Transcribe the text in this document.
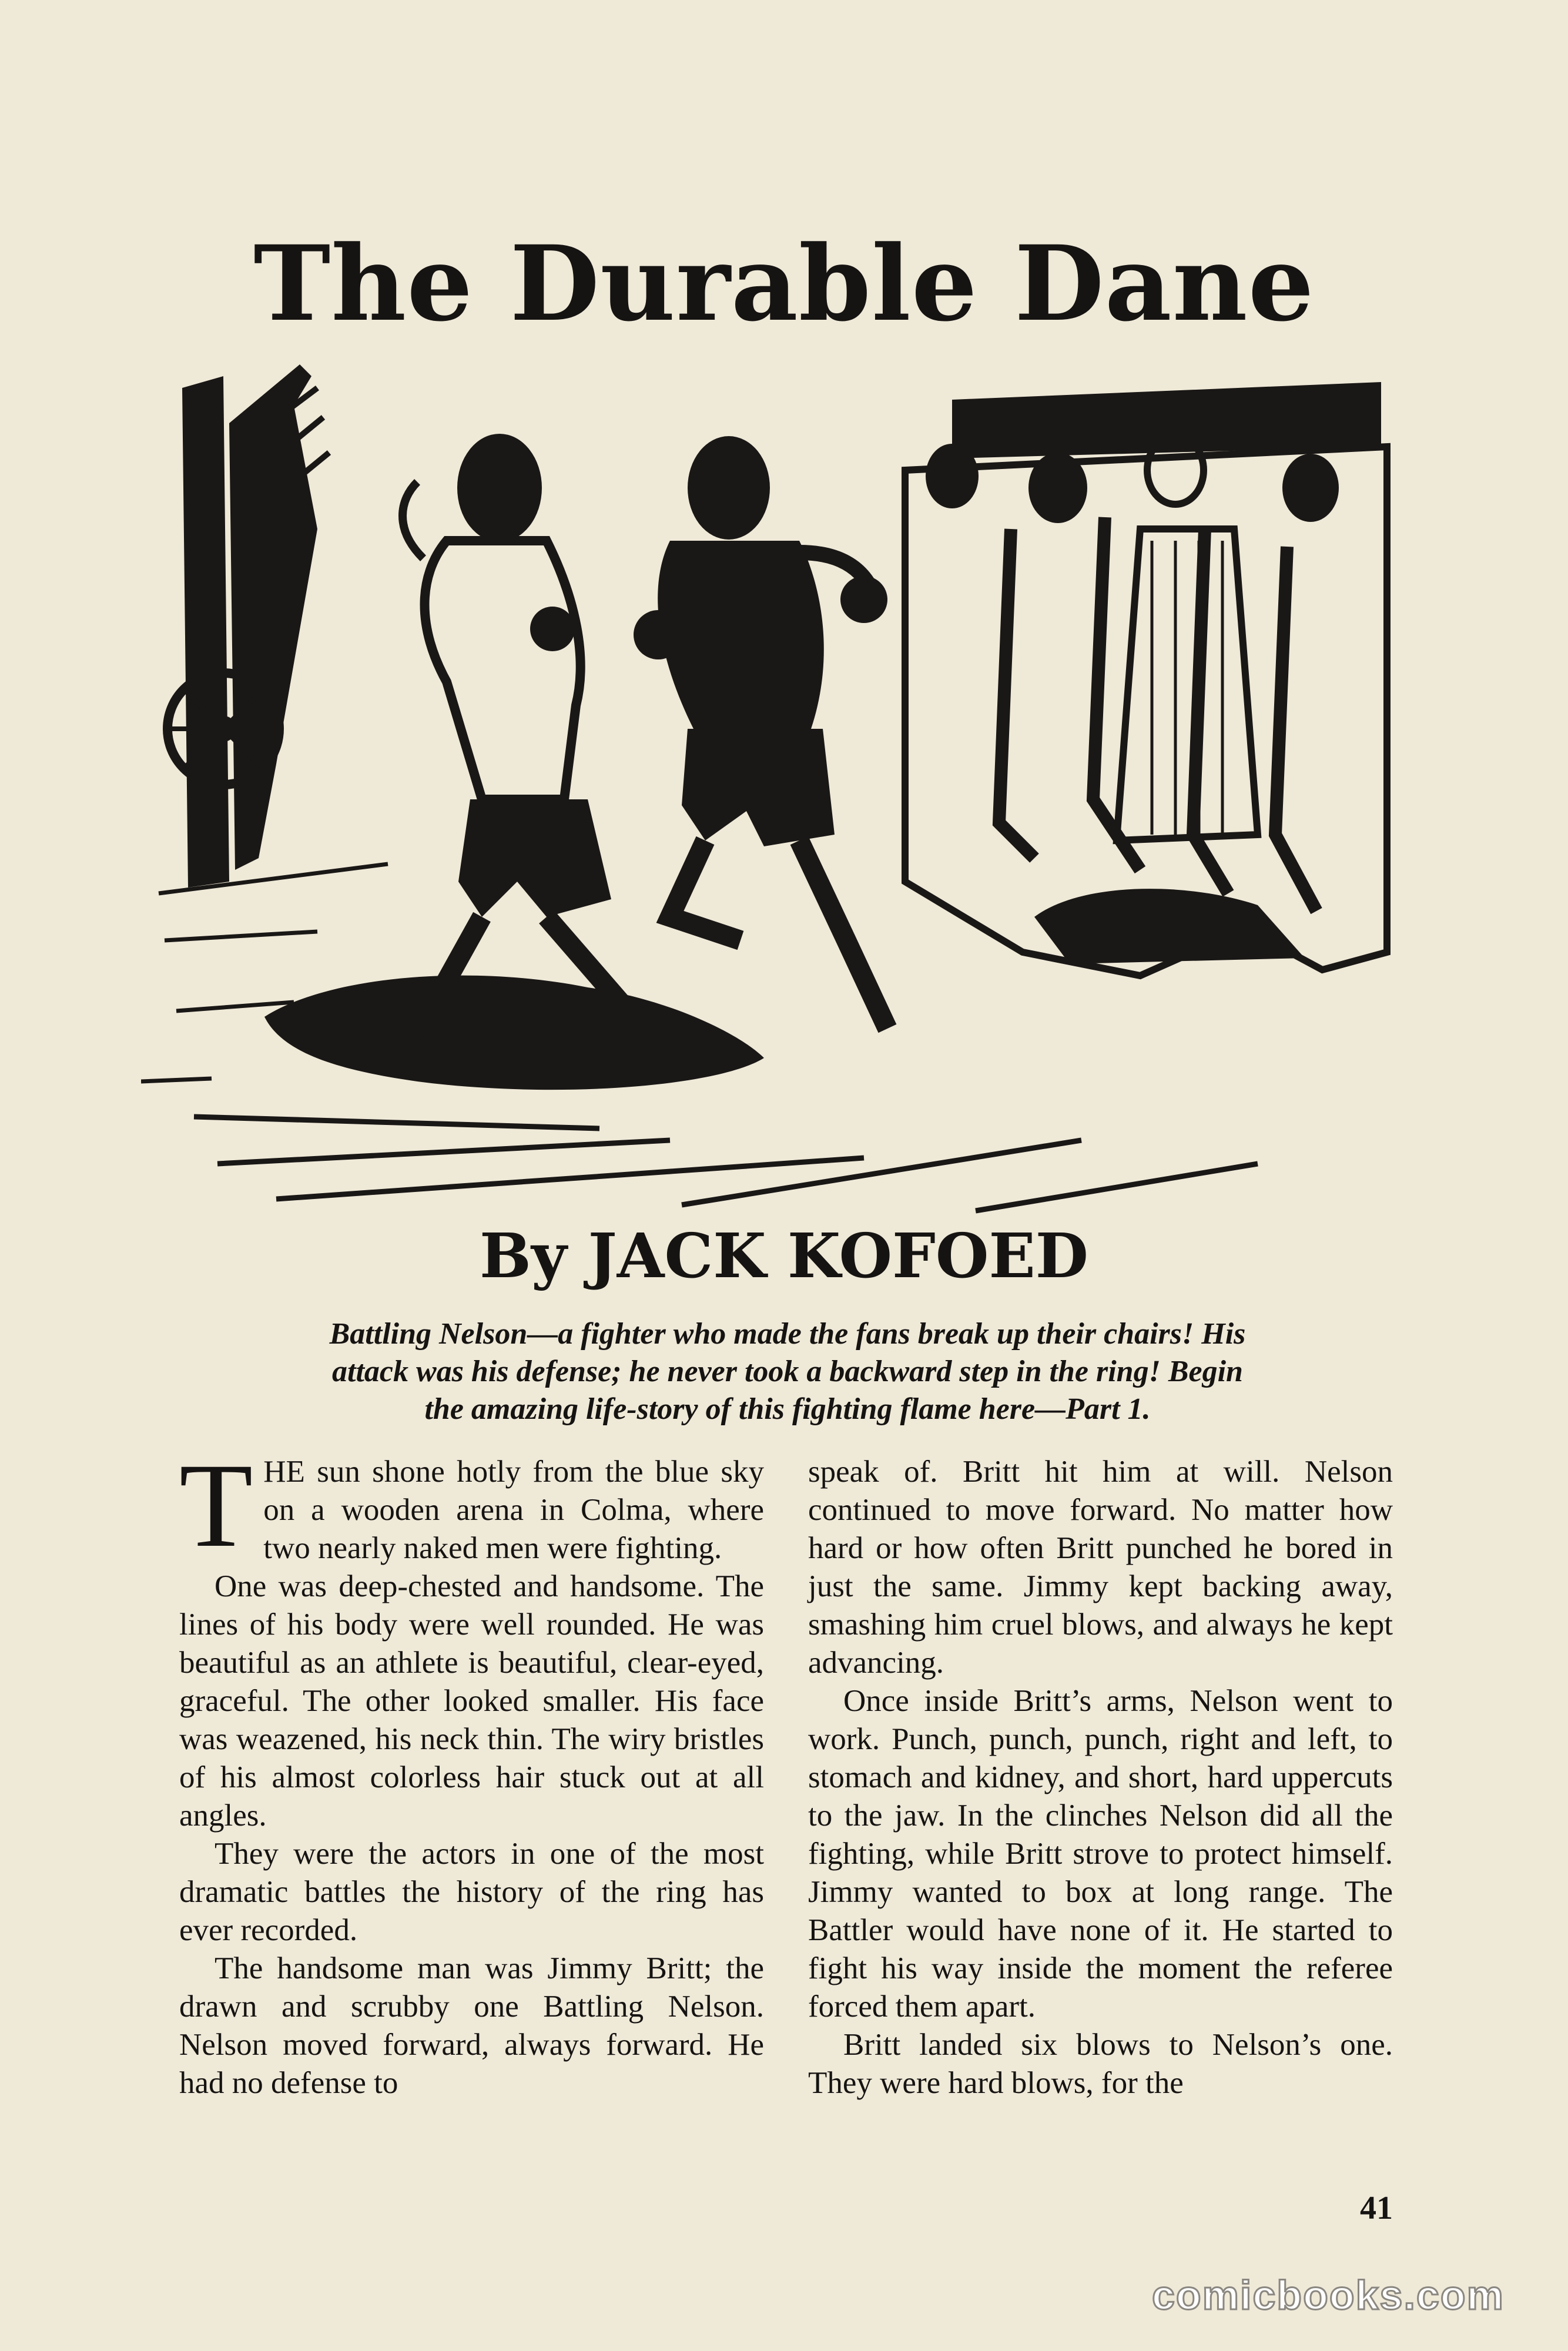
The Durable Dane
By JACK KOFOED
Battling Nelson—a fighter who made the fans break up their chairs! His
attack was his defense; he never took a backward step in the ring! Begin
the amazing life-story of this fighting flame here—Part 1.

THE sun shone hotly from the blue sky on a wooden arena in Colma, where two nearly naked men were fighting.

One was deep-chested and handsome. The lines of his body were well rounded. He was beautiful as an athlete is beautiful, clear-eyed, graceful. The other looked smaller. His face was weazened, his neck thin. The wiry bristles of his almost colorless hair stuck out at all angles.

They were the actors in one of the most dramatic battles the history of the ring has ever recorded.

The handsome man was Jimmy Britt; the drawn and scrubby one Battling Nelson. Nelson moved forward, always forward. He had no defense to

speak of. Britt hit him at will. Nelson continued to move forward. No matter how hard or how often Britt punched he bored in just the same. Jimmy kept backing away, smashing him cruel blows, and always he kept advancing.

Once inside Britt’s arms, Nelson went to work. Punch, punch, punch, right and left, to stomach and kidney, and short, hard uppercuts to the jaw. In the clinches Nelson did all the fighting, while Britt strove to protect himself. Jimmy wanted to box at long range. The Battler would have none of it. He started to fight his way inside the moment the referee forced them apart.

Britt landed six blows to Nelson’s one. They were hard blows, for the

41
comicbooks.com
